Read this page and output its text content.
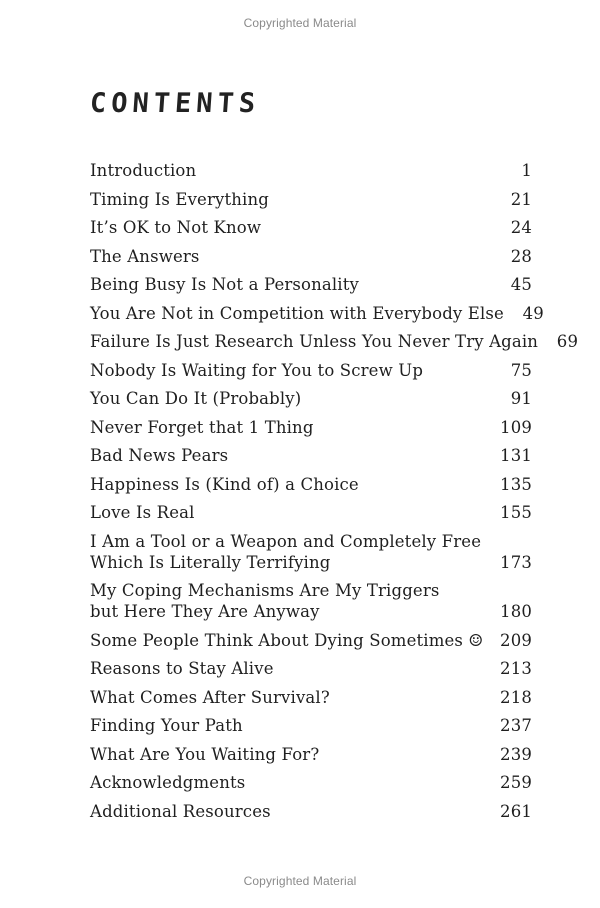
Copyrighted Material
CONTENTS
Introduction	1
Timing Is Everything	21
It’s OK to Not Know	24
The Answers	28
Being Busy Is Not a Personality	45
You Are Not in Competition with Everybody Else	49
Failure Is Just Research Unless You Never Try Again	69
Nobody Is Waiting for You to Screw Up	75
You Can Do It (Probably)	91
Never Forget that 1 Thing	109
Bad News Pears	131
Happiness Is (Kind of) a Choice	135
Love Is Real	155
I Am a Tool or a Weapon and Completely Free
Which Is Literally Terrifying	173
My Coping Mechanisms Are My Triggers
but Here They Are Anyway	180
Some People Think About Dying Sometimes ☺	209
Reasons to Stay Alive	213
What Comes After Survival?	218
Finding Your Path	237
What Are You Waiting For?	239
Acknowledgments	259
Additional Resources	261
Copyrighted Material
